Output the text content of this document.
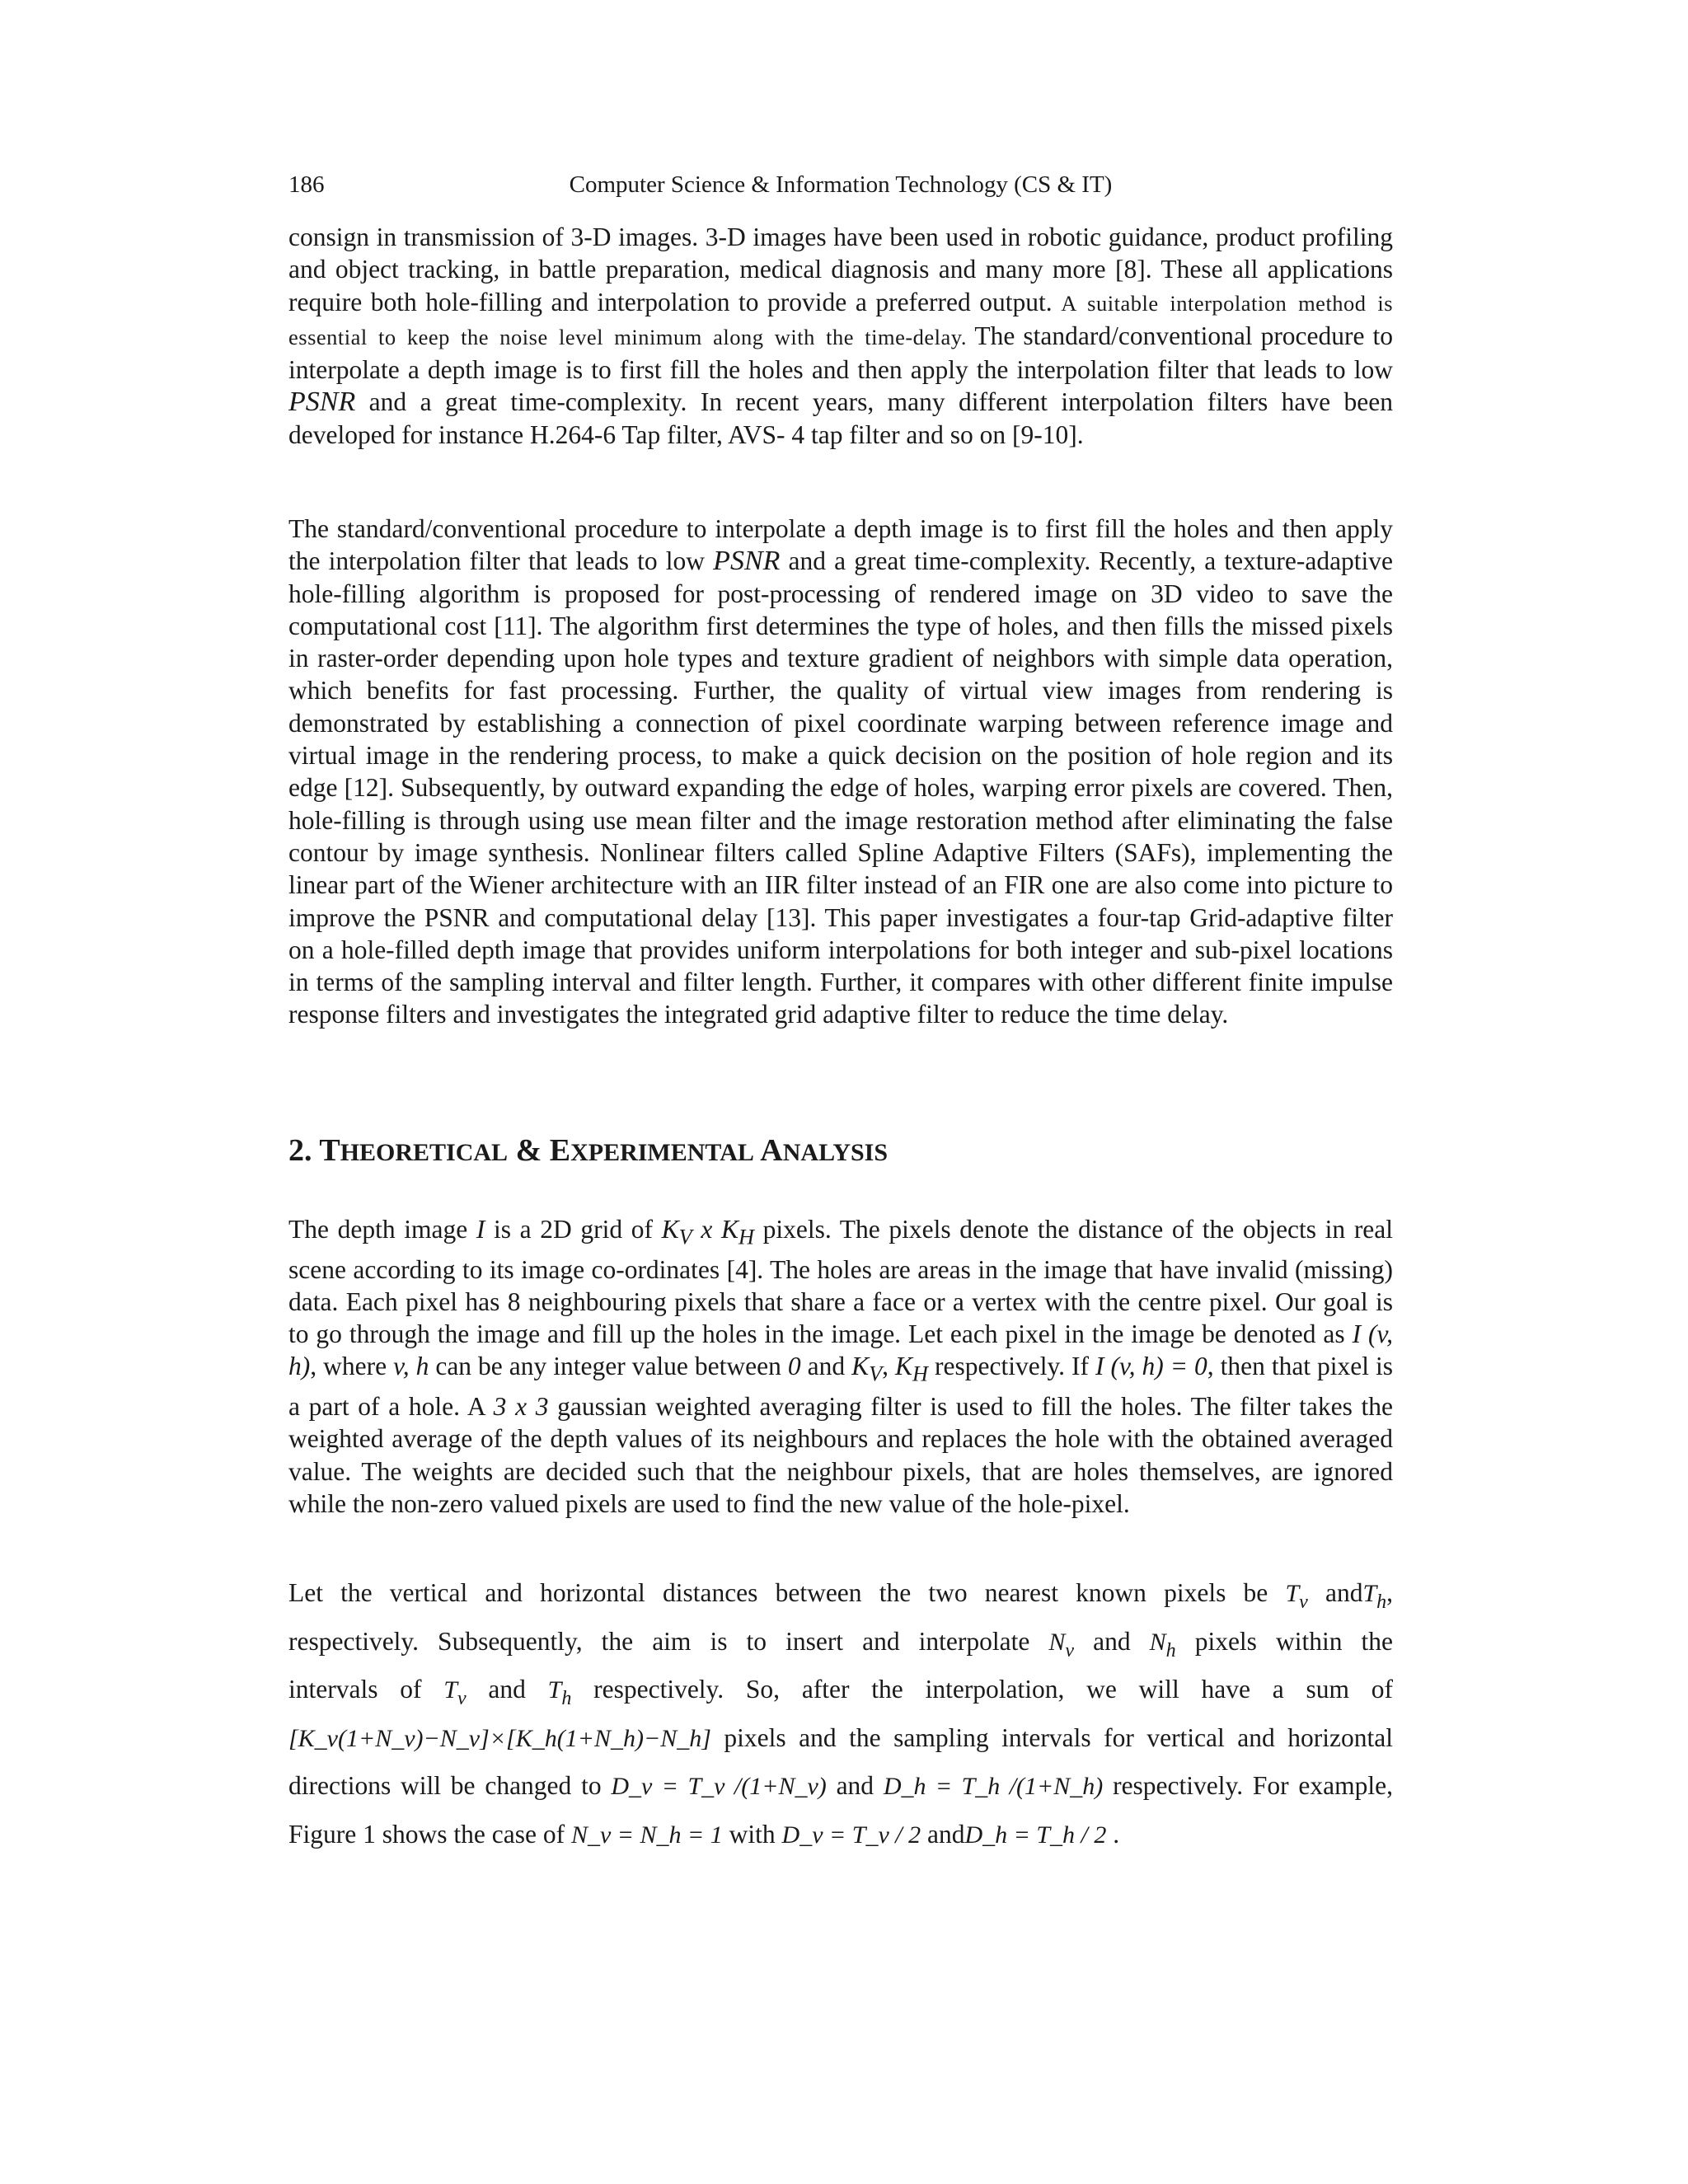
186	Computer Science & Information Technology (CS & IT)

consign in transmission of 3-D images. 3-D images have been used in robotic guidance, product profiling and object tracking, in battle preparation, medical diagnosis and many more [8]. These all applications require both hole-filling and interpolation to provide a preferred output. A suitable interpolation method is essential to keep the noise level minimum along with the time-delay. The standard/conventional procedure to interpolate a depth image is to first fill the holes and then apply the interpolation filter that leads to low PSNR and a great time-complexity. In recent years, many different interpolation filters have been developed for instance H.264-6 Tap filter, AVS- 4 tap filter and so on [9-10].

The standard/conventional procedure to interpolate a depth image is to first fill the holes and then apply the interpolation filter that leads to low PSNR and a great time-complexity. Recently, a texture-adaptive hole-filling algorithm is proposed for post-processing of rendered image on 3D video to save the computational cost [11]. The algorithm first determines the type of holes, and then fills the missed pixels in raster-order depending upon hole types and texture gradient of neighbors with simple data operation, which benefits for fast processing. Further, the quality of virtual view images from rendering is demonstrated by establishing a connection of pixel coordinate warping between reference image and virtual image in the rendering process, to make a quick decision on the position of hole region and its edge [12]. Subsequently, by outward expanding the edge of holes, warping error pixels are covered. Then, hole-filling is through using use mean filter and the image restoration method after eliminating the false contour by image synthesis. Nonlinear filters called Spline Adaptive Filters (SAFs), implementing the linear part of the Wiener architecture with an IIR filter instead of an FIR one are also come into picture to improve the PSNR and computational delay [13]. This paper investigates a four-tap Grid-adaptive filter on a hole-filled depth image that provides uniform interpolations for both integer and sub-pixel locations in terms of the sampling interval and filter length. Further, it compares with other different finite impulse response filters and investigates the integrated grid adaptive filter to reduce the time delay.

2. THEORETICAL & EXPERIMENTAL ANALYSIS

The depth image I is a 2D grid of $K_V$ x $K_H$ pixels. The pixels denote the distance of the objects in real scene according to its image co-ordinates [4]. The holes are areas in the image that have invalid (missing) data. Each pixel has 8 neighbouring pixels that share a face or a vertex with the centre pixel. Our goal is to go through the image and fill up the holes in the image. Let each pixel in the image be denoted as I (v, h), where v, h can be any integer value between 0 and $K_V$, $K_H$ respectively. If I (v, h) = 0, then that pixel is a part of a hole. A 3 x 3 gaussian weighted averaging filter is used to fill the holes. The filter takes the weighted average of the depth values of its neighbours and replaces the hole with the obtained averaged value. The weights are decided such that the neighbour pixels, that are holes themselves, are ignored while the non-zero valued pixels are used to find the new value of the hole-pixel.

Let the vertical and horizontal distances between the two nearest known pixels be $T_v$ andT$_h$,
respectively. Subsequently, the aim is to insert and interpolate $N_v$ and $N_h$ pixels within the
intervals of $T_v$ and $T_h$ respectively. So, after the interpolation, we will have a sum of
[K_v(1+N_v)−N_v]×[K_h(1+N_h)−N_h] pixels and the sampling intervals for vertical and horizontal
directions will be changed to D_v = T_v /(1+N_v) and D_h = T_h /(1+N_h) respectively. For example,
Figure 1 shows the case of N_v = N_h = 1 with D_v = T_v / 2 andD_h = T_h / 2 .
